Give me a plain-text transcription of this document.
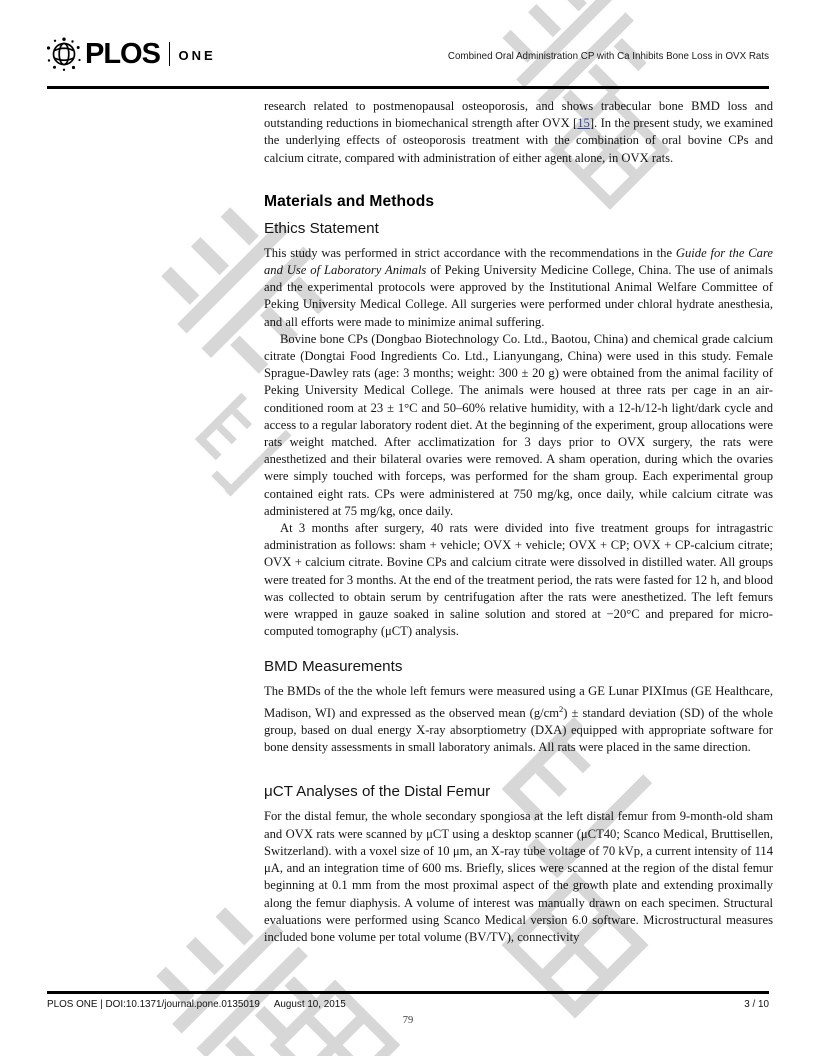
PLOS ONE	Combined Oral Administration CP with Ca Inhibits Bone Loss in OVX Rats

research related to postmenopausal osteoporosis, and shows trabecular bone BMD loss and outstanding reductions in biomechanical strength after OVX [15]. In the present study, we examined the underlying effects of osteoporosis treatment with the combination of oral bovine CPs and calcium citrate, compared with administration of either agent alone, in OVX rats.

Materials and Methods
Ethics Statement

This study was performed in strict accordance with the recommendations in the Guide for the Care and Use of Laboratory Animals of Peking University Medicine College, China. The use of animals and the experimental protocols were approved by the Institutional Animal Welfare Committee of Peking University Medical College. All surgeries were performed under chloral hydrate anesthesia, and all efforts were made to minimize animal suffering.

Bovine bone CPs (Dongbao Biotechnology Co. Ltd., Baotou, China) and chemical grade calcium citrate (Dongtai Food Ingredients Co. Ltd., Lianyungang, China) were used in this study. Female Sprague-Dawley rats (age: 3 months; weight: 300 ± 20 g) were obtained from the animal facility of Peking University Medical College. The animals were housed at three rats per cage in an air-conditioned room at 23 ± 1°C and 50–60% relative humidity, with a 12-h/12-h light/dark cycle and access to a regular laboratory rodent diet. At the beginning of the experiment, group allocations were rats weight matched. After acclimatization for 3 days prior to OVX surgery, the rats were anesthetized and their bilateral ovaries were removed. A sham operation, during which the ovaries were simply touched with forceps, was performed for the sham group. Each experimental group contained eight rats. CPs were administered at 750 mg/kg, once daily, while calcium citrate was administered at 75 mg/kg, once daily.

At 3 months after surgery, 40 rats were divided into five treatment groups for intragastric administration as follows: sham + vehicle; OVX + vehicle; OVX + CP; OVX + CP-calcium citrate; OVX + calcium citrate. Bovine CPs and calcium citrate were dissolved in distilled water. All groups were treated for 3 months. At the end of the treatment period, the rats were fasted for 12 h, and blood was collected to obtain serum by centrifugation after the rats were anesthetized. The left femurs were wrapped in gauze soaked in saline solution and stored at −20°C and prepared for micro-computed tomography (μCT) analysis.

BMD Measurements

The BMDs of the the whole left femurs were measured using a GE Lunar PIXImus (GE Healthcare, Madison, WI) and expressed as the observed mean $(g/cm^2)$ ± standard deviation (SD) of the whole group, based on dual energy X-ray absorptiometry (DXA) equipped with appropriate software for bone density assessments in small laboratory animals. All rats were placed in the same direction.

μCT Analyses of the Distal Femur

For the distal femur, the whole secondary spongiosa at the left distal femur from 9-month-old sham and OVX rats were scanned by μCT using a desktop scanner (μCT40; Scanco Medical, Bruttisellen, Switzerland). with a voxel size of 10 μm, an X-ray tube voltage of 70 kVp, a current intensity of 114 μA, and an integration time of 600 ms. Briefly, slices were scanned at the region of the distal femur beginning at 0.1 mm from the most proximal aspect of the growth plate and extending proximally along the femur diaphysis. A volume of interest was manually drawn on each specimen. Structural evaluations were performed using Scanco Medical version 6.0 software. Microstructural measures included bone volume per total volume (BV/TV), connectivity

PLOS ONE | DOI:10.1371/journal.pone.0135019 August 10, 2015	3 / 10
79
